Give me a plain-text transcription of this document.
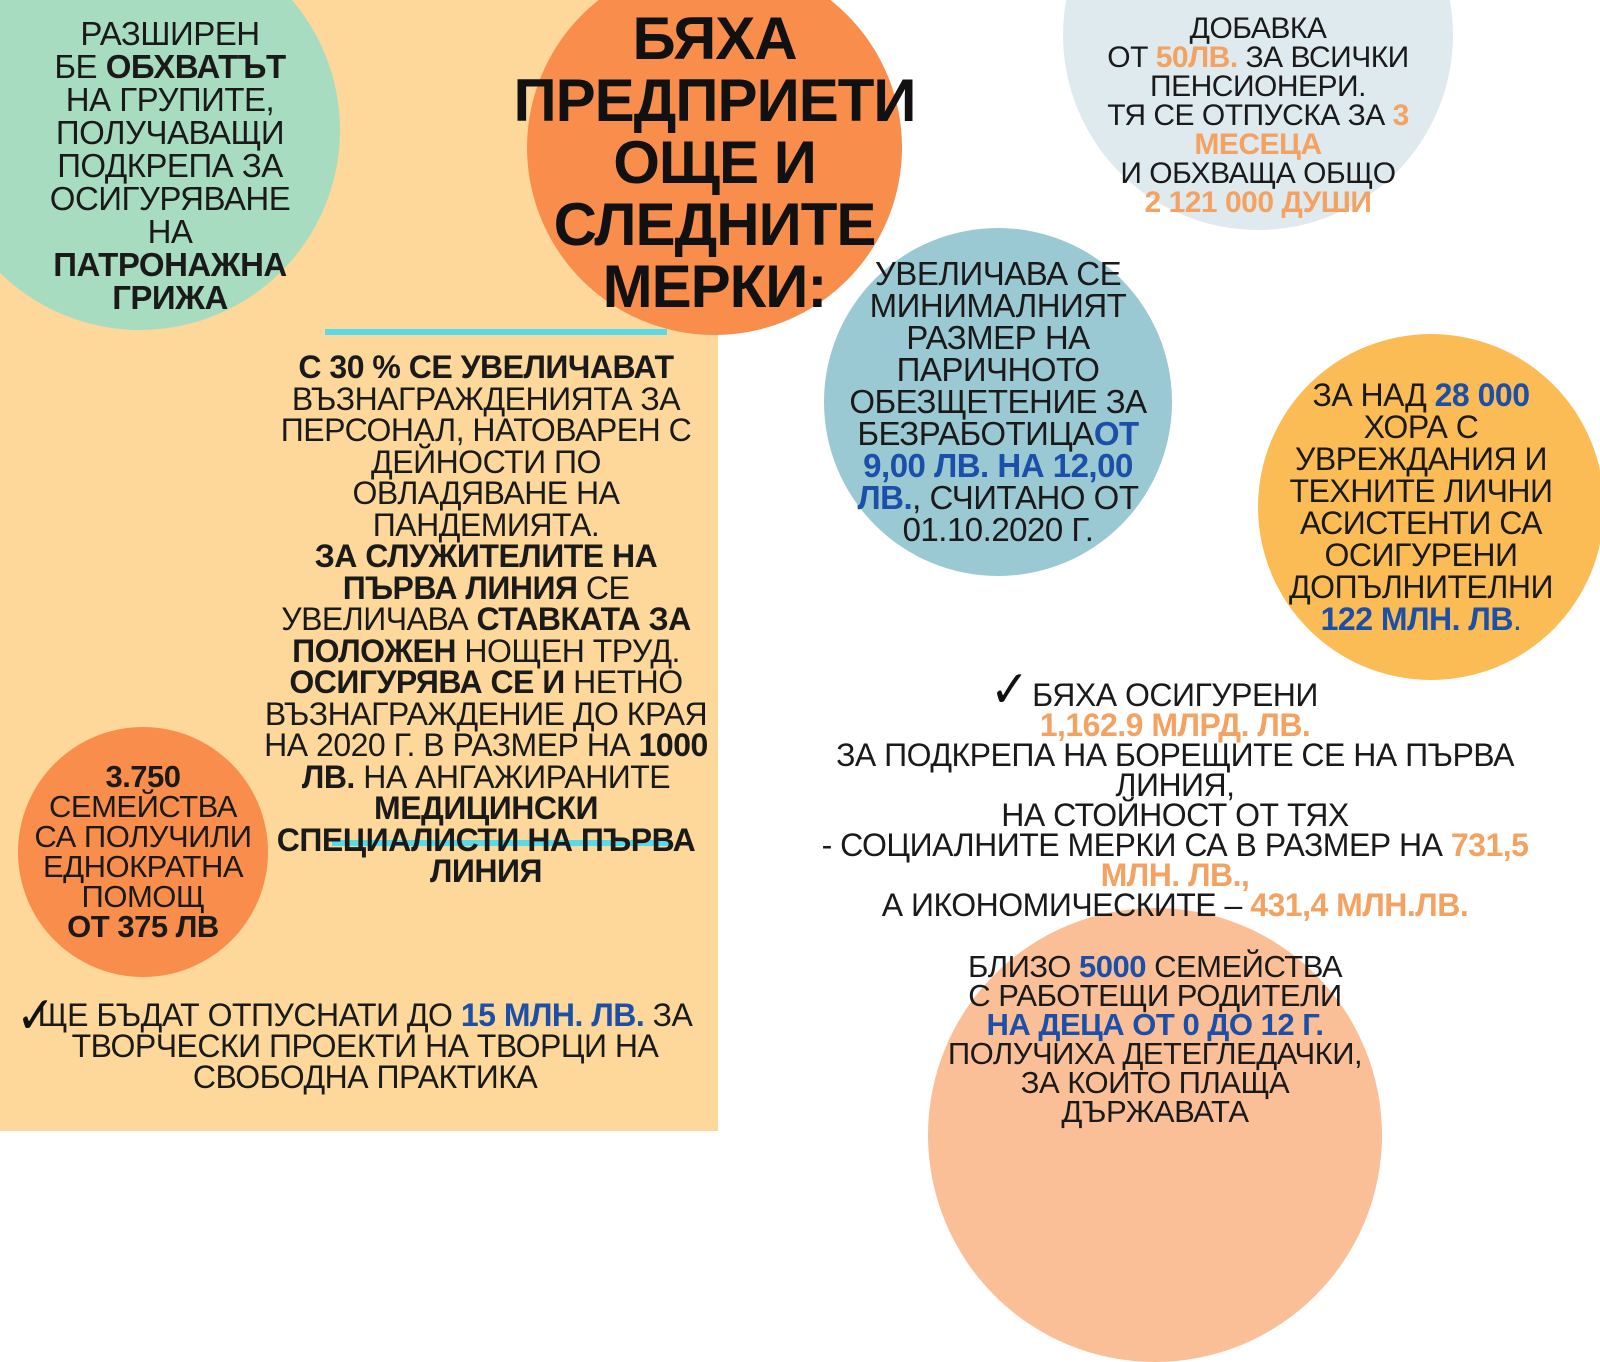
РАЗШИРЕН

БЕ ОБХВАТЪТ НА ГРУПИТЕ, ПОЛУЧАВАЩИ ПОДКРЕПА ЗА ОСИГУРЯВАНЕ НА ПАТРОНАЖНА ГРИЖА

БЯХА

ПРЕДПРИЕТИ

ОЩЕ И

СЛЕДНИТЕ

МЕРКИ:

ДОБАВКА

ОТ 50ЛВ. ЗА ВСИЧКИ ПЕНСИОНЕРИ.

ТЯ СЕ ОТПУСКА ЗА 3 МЕСЕЦА

И ОБХВАЩА ОБЩО

2 121 000 ДУШИ

УВЕЛИЧАВА СЕ МИНИМАЛНИЯТ РАЗМЕР НА ПАРИЧНОТО ОБЕЗЩЕТЕНИЕ ЗА БЕЗРАБОТИЦАОТ 9,00 ЛВ. НА 12,00 ЛВ., СЧИТАНО ОТ 01.10.2020 Г.

ЗА НАД 28 000 ХОРА С УВРЕЖДАНИЯ И ТЕХНИТЕ ЛИЧНИ АСИСТЕНТИ СА ОСИГУРЕНИ ДОПЪЛНИТЕЛНИ

122 МЛН. ЛВ.

3.750

СЕМЕЙСТВА СА ПОЛУЧИЛИ ЕДНОКРАТНА ПОМОЩ

ОТ 375 ЛВ

БЛИЗО 5000 СЕМЕЙСТВА

С РАБОТЕЩИ РОДИТЕЛИ

НА ДЕЦА ОТ 0 ДО 12 Г.

ПОЛУЧИХА ДЕТЕГЛЕДАЧКИ,

ЗА КОИТО ПЛАЩА ДЪРЖАВАТА

С 30 % СЕ УВЕЛИЧАВАТ ВЪЗНАГРАЖДЕНИЯТА ЗА ПЕРСОНАЛ, НАТОВАРЕН С ДЕЙНОСТИ ПО ОВЛАДЯВАНЕ НА ПАНДЕМИЯТА.

ЗА СЛУЖИТЕЛИТЕ НА ПЪРВА ЛИНИЯ СЕ УВЕЛИЧАВА СТАВКАТА ЗА ПОЛОЖЕН НОЩЕН ТРУД.

ОСИГУРЯВА СЕ И НЕТНО ВЪЗНАГРАЖДЕНИЕ ДО КРАЯ НА 2020 Г. В РАЗМЕР НА 1000 ЛВ. НА АНГАЖИРАНИТЕ МЕДИЦИНСКИ СПЕЦИАЛИСТИ НА ПЪРВА ЛИНИЯ

✓ БЯХА ОСИГУРЕНИ

1,162.9 МЛРД. ЛВ.

ЗА ПОДКРЕПА НА БОРЕЩИТЕ СЕ НА ПЪРВА ЛИНИЯ,

НА СТОЙНОСТ ОТ ТЯХ

- СОЦИАЛНИТЕ МЕРКИ СА В РАЗМЕР НА 731,5 МЛН. ЛВ.,

А ИКОНОМИЧЕСКИТЕ – 431,4 МЛН.ЛВ.

✓

ЩЕ БЪДАТ ОТПУСНАТИ ДО 15 МЛН. ЛВ. ЗА ТВОРЧЕСКИ ПРОЕКТИ НА ТВОРЦИ НА СВОБОДНА ПРАКТИКА
